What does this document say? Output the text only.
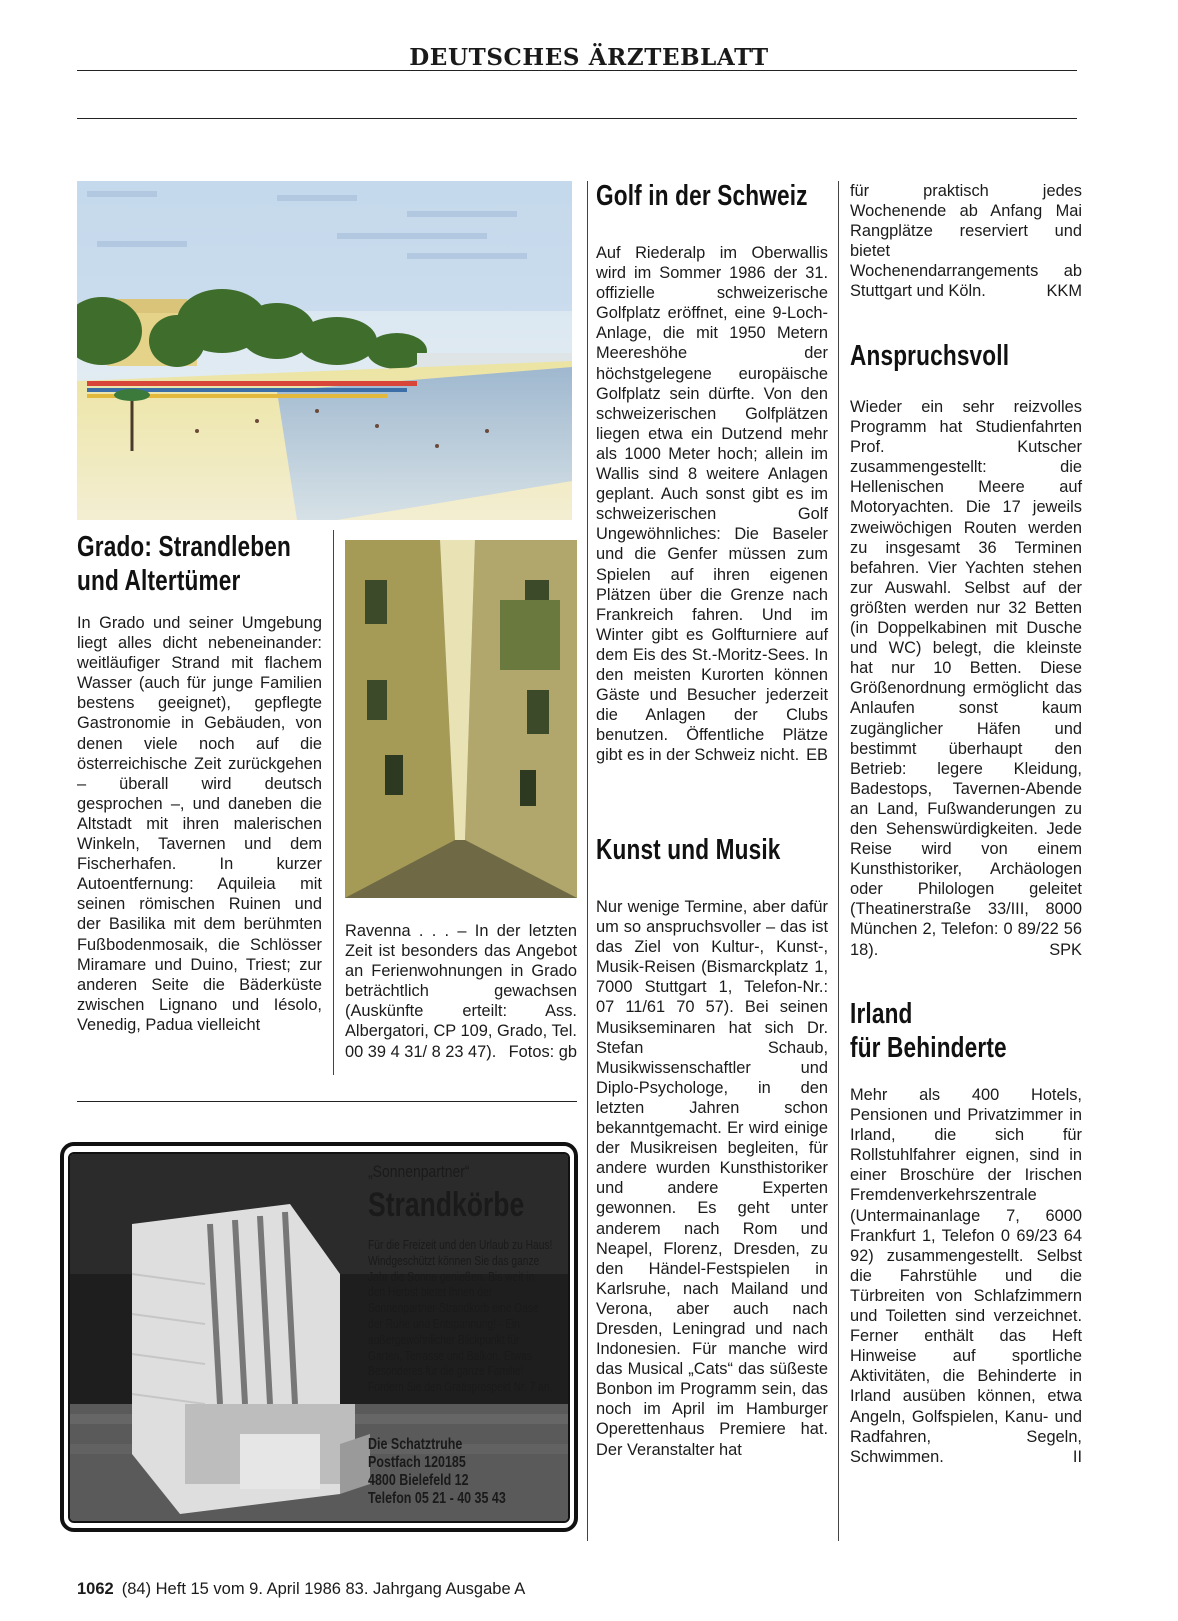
DEUTSCHES ÄRZTEBLATT
Grado: Strandleben
und Altertümer
In Grado und seiner Umgebung liegt alles dicht nebeneinander: weitläufiger Strand mit flachem Wasser (auch für junge Familien bestens geeignet), gepflegte Gastronomie in Gebäuden, von denen viele noch auf die österreichische Zeit zurückgehen – überall wird deutsch gesprochen –, und daneben die Altstadt mit ihren malerischen Winkeln, Tavernen und dem Fischerhafen. In kurzer Autoentfernung: Aquileia mit seinen römischen Ruinen und der Basilika mit dem berühmten Fußbodenmosaik, die Schlösser Miramare und Duino, Triest; zur anderen Seite die Bäderküste zwischen Lignano und Iésolo, Venedig, Padua vielleicht
Ravenna . . . – In der letzten Zeit ist besonders das Angebot an Ferienwohnungen in Grado beträchtlich gewachsen (Auskünfte erteilt: Ass. Albergatori, CP 109, Grado, Tel. 00 39 4 31/ 8 23 47). Fotos: gb
„Sonnenpartner“
Strandkörbe
Für die Freizeit und den Urlaub zu Haus! Windgeschützt können Sie das ganze Jahr die Sonne genießen. Bis weit in den Herbst bietet Ihnen der Sonnenpartner-Strandkorb eine Oase der Ruhe und Entspannung! - Ein außergewöhnlicher Blickpunkt für Garten, Terrasse und Balkon. Etwas Besonderes für die ganze Familie! Fordern Sie den Gratisprospekt Nr. 7 an.
Die Schatztruhe
Postfach 120185
4800 Bielefeld 12
Telefon 05 21 - 40 35 43
Golf in der Schweiz
Auf Riederalp im Oberwallis wird im Sommer 1986 der 31. offizielle schweizerische Golfplatz eröffnet, eine 9-Loch-Anlage, die mit 1950 Metern Meereshöhe der höchstgelegene europäische Golfplatz sein dürfte. Von den schweizerischen Golfplätzen liegen etwa ein Dutzend mehr als 1000 Meter hoch; allein im Wallis sind 8 weitere Anlagen geplant. Auch sonst gibt es im schweizerischen Golf Ungewöhnliches: Die Baseler und die Genfer müssen zum Spielen auf ihren eigenen Plätzen über die Grenze nach Frankreich fahren. Und im Winter gibt es Golfturniere auf dem Eis des St.-Moritz-Sees. In den meisten Kurorten können Gäste und Besucher jederzeit die Anlagen der Clubs benutzen. Öffentliche Plätze gibt es in der Schweiz nicht. EB
Kunst und Musik
Nur wenige Termine, aber dafür um so anspruchsvoller – das ist das Ziel von Kultur-, Kunst-, Musik-Reisen (Bismarckplatz 1, 7000 Stuttgart 1, Telefon-Nr.: 07 11/61 70 57). Bei seinen Musikseminaren hat sich Dr. Stefan Schaub, Musikwissenschaftler und Diplo-Psychologe, in den letzten Jahren schon bekanntgemacht. Er wird einige der Musikreisen begleiten, für andere wurden Kunsthistoriker und andere Experten gewonnen. Es geht unter anderem nach Rom und Neapel, Florenz, Dresden, zu den Händel-Festspielen in Karlsruhe, nach Mailand und Verona, aber auch nach Dresden, Leningrad und nach Indonesien. Für manche wird das Musical „Cats“ das süßeste Bonbon im Programm sein, das noch im April im Hamburger Operettenhaus Premiere hat. Der Veranstalter hat
für praktisch jedes Wochenende ab Anfang Mai Rangplätze reserviert und bietet Wochenendarrangements ab Stuttgart und Köln.	KKM
Anspruchsvoll
Wieder ein sehr reizvolles Programm hat Studienfahrten Prof. Kutscher zusammengestellt: die Hellenischen Meere auf Motoryachten. Die 17 jeweils zweiwöchigen Routen werden zu insgesamt 36 Terminen befahren. Vier Yachten stehen zur Auswahl. Selbst auf der größten werden nur 32 Betten (in Doppelkabinen mit Dusche und WC) belegt, die kleinste hat nur 10 Betten. Diese Größenordnung ermöglicht das Anlaufen sonst kaum zugänglicher Häfen und bestimmt überhaupt den Betrieb: legere Kleidung, Badestops, Tavernen-Abende an Land, Fußwanderungen zu den Sehenswürdigkeiten. Jede Reise wird von einem Kunsthistoriker, Archäologen oder Philologen geleitet (Theatinerstraße 33/III, 8000 München 2, Telefon: 0 89/22 56 18).	SPK
Irland
für Behinderte
Mehr als 400 Hotels, Pensionen und Privatzimmer in Irland, die sich für Rollstuhlfahrer eignen, sind in einer Broschüre der Irischen Fremdenverkehrszentrale (Untermainanlage 7, 6000 Frankfurt 1, Telefon 0 69/23 64 92) zusammengestellt. Selbst die Fahrstühle und die Türbreiten von Schlafzimmern und Toiletten sind verzeichnet. Ferner enthält das Heft Hinweise auf sportliche Aktivitäten, die Behinderte in Irland ausüben können, etwa Angeln, Golfspielen, Kanu- und Radfahren, Segeln, Schwimmen.	II
1062 (84) Heft 15 vom 9. April 1986 83. Jahrgang Ausgabe A
